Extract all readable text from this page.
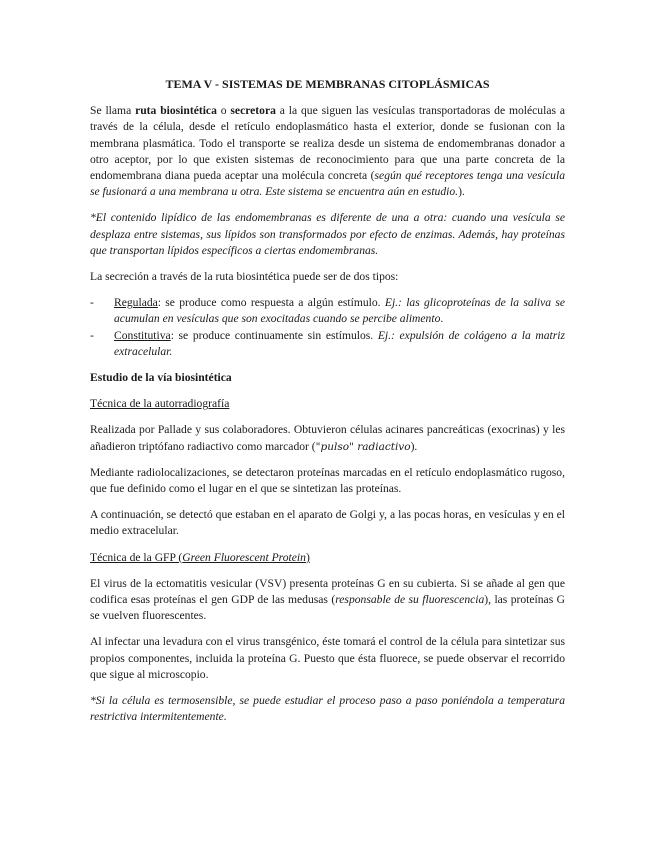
TEMA V - SISTEMAS DE MEMBRANAS CITOPLÁSMICAS

Se llama ruta biosintética o secretora a la que siguen las vesículas transportadoras de moléculas a través de la célula, desde el retículo endoplasmático hasta el exterior, donde se fusionan con la membrana plasmática. Todo el transporte se realiza desde un sistema de endomembranas donador a otro aceptor, por lo que existen sistemas de reconocimiento para que una parte concreta de la endomembrana diana pueda aceptar una molécula concreta (según qué receptores tenga una vesícula se fusionará a una membrana u otra. Este sistema se encuentra aún en estudio.).

*El contenido lipídico de las endomembranas es diferente de una a otra: cuando una vesícula se desplaza entre sistemas, sus lípidos son transformados por efecto de enzimas. Además, hay proteínas que transportan lípidos específicos a ciertas endomembranas.

La secreción a través de la ruta biosintética puede ser de dos tipos:

- Regulada: se produce como respuesta a algún estímulo. Ej.: las glicoproteínas de la saliva se acumulan en vesículas que son exocitadas cuando se percibe alimento.
- Constitutiva: se produce continuamente sin estímulos. Ej.: expulsión de colágeno a la matriz extracelular.
Estudio de la vía biosintética
Técnica de la autorradiografía

Realizada por Pallade y sus colaboradores. Obtuvieron células acinares pancreáticas (exocrinas) y les añadieron triptófano radiactivo como marcador ("pulso" radiactivo).

Mediante radiolocalizaciones, se detectaron proteínas marcadas en el retículo endoplasmático rugoso, que fue definido como el lugar en el que se sintetizan las proteínas.

A continuación, se detectó que estaban en el aparato de Golgi y, a las pocas horas, en vesículas y en el medio extracelular.

Técnica de la GFP (Green Fluorescent Protein)

El virus de la ectomatitis vesicular (VSV) presenta proteínas G en su cubierta. Si se añade al gen que codifica esas proteínas el gen GDP de las medusas (responsable de su fluorescencia), las proteínas G se vuelven fluorescentes.

Al infectar una levadura con el virus transgénico, éste tomará el control de la célula para sintetizar sus propios componentes, incluida la proteína G. Puesto que ésta fluorece, se puede observar el recorrido que sigue al microscopio.

*Si la célula es termosensible, se puede estudiar el proceso paso a paso poniéndola a temperatura restrictiva intermitentemente.
